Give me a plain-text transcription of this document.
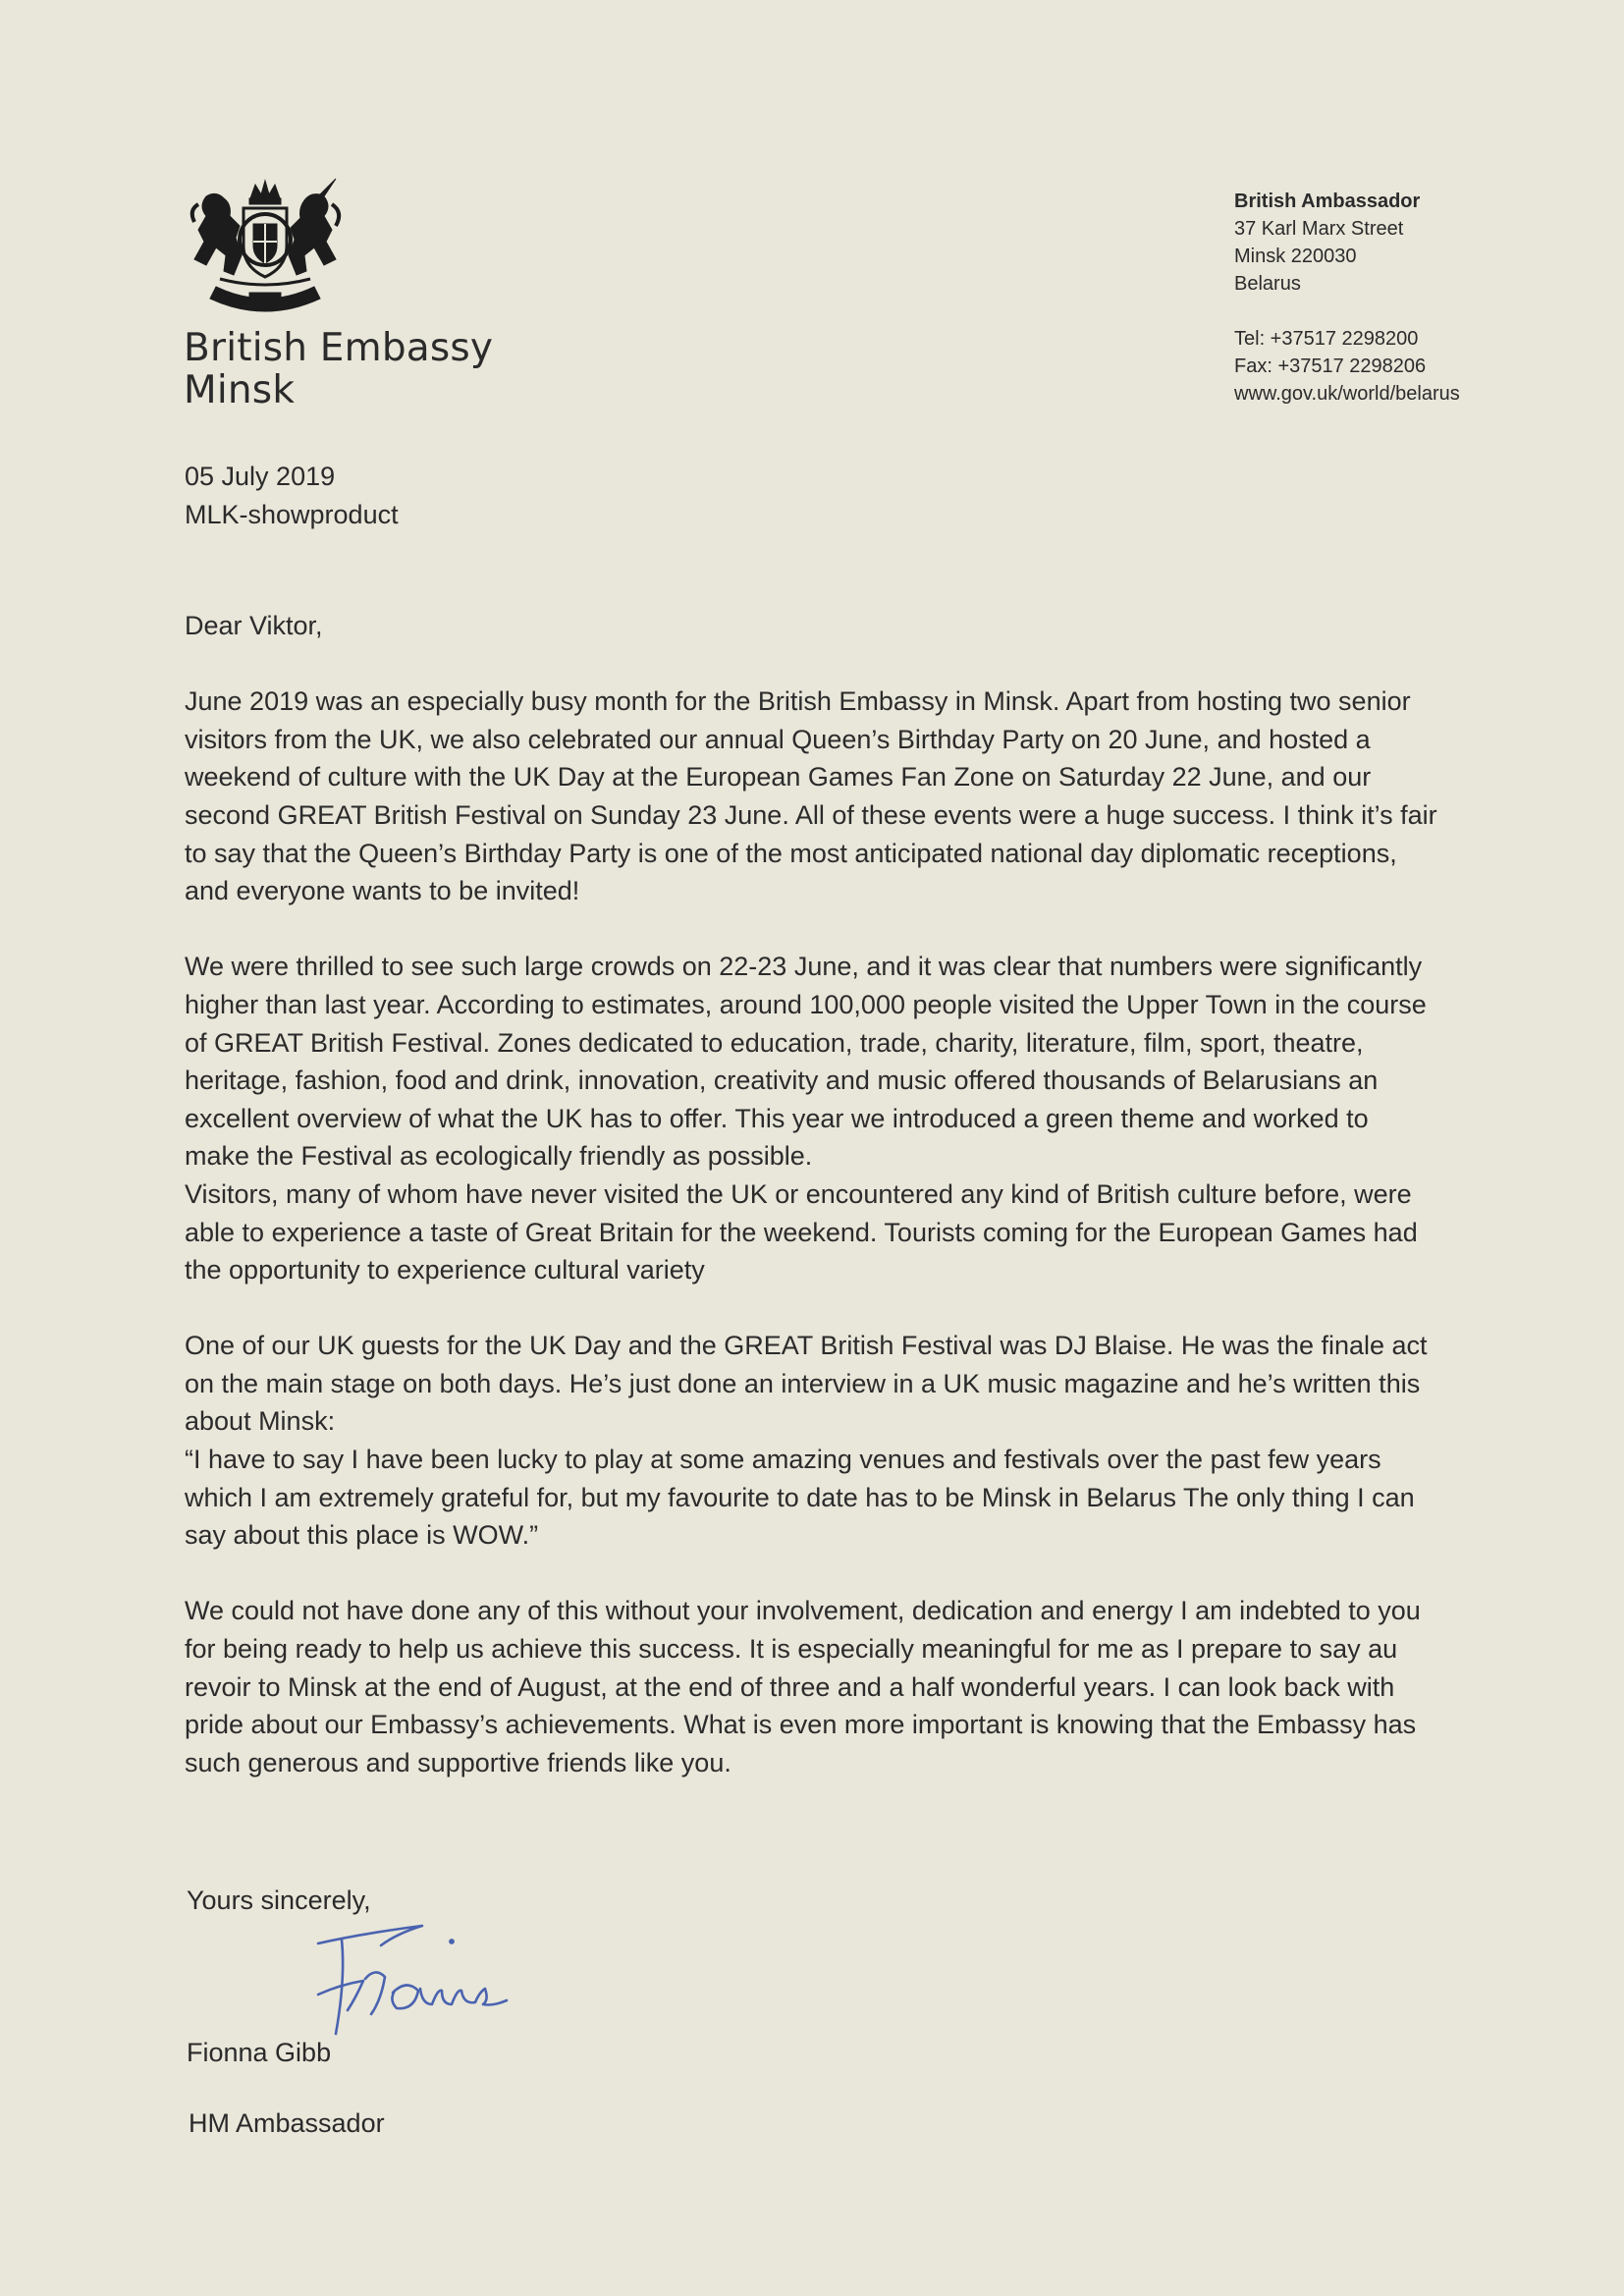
British Embassy
Minsk
British Ambassador
37 Karl Marx Street
Minsk 220030
Belarus
Tel: +37517 2298200
Fax: +37517 2298206
www.gov.uk/world/belarus
05 July 2019
MLK-showproduct

Dear Viktor,

June 2019 was an especially busy month for the British Embassy in Minsk. Apart from hosting two senior
visitors from the UK, we also celebrated our annual Queen’s Birthday Party on 20 June, and hosted a
weekend of culture with the UK Day at the European Games Fan Zone on Saturday 22 June, and our
second GREAT British Festival on Sunday 23 June. All of these events were a huge success. I think it’s fair
to say that the Queen’s Birthday Party is one of the most anticipated national day diplomatic receptions,
and everyone wants to be invited!

We were thrilled to see such large crowds on 22-23 June, and it was clear that numbers were significantly
higher than last year. According to estimates, around 100,000 people visited the Upper Town in the course
of GREAT British Festival. Zones dedicated to education, trade, charity, literature, film, sport, theatre,
heritage, fashion, food and drink, innovation, creativity and music offered thousands of Belarusians an
excellent overview of what the UK has to offer. This year we introduced a green theme and worked to
make the Festival as ecologically friendly as possible.

Visitors, many of whom have never visited the UK or encountered any kind of British culture before, were
able to experience a taste of Great Britain for the weekend. Tourists coming for the European Games had
the opportunity to experience cultural variety

One of our UK guests for the UK Day and the GREAT British Festival was DJ Blaise. He was the finale act
on the main stage on both days. He’s just done an interview in a UK music magazine and he’s written this
about Minsk:

“I have to say I have been lucky to play at some amazing venues and festivals over the past few years
which I am extremely grateful for, but my favourite to date has to be Minsk in Belarus The only thing I can
say about this place is WOW.”

We could not have done any of this without your involvement, dedication and energy I am indebted to you
for being ready to help us achieve this success. It is especially meaningful for me as I prepare to say au
revoir to Minsk at the end of August, at the end of three and a half wonderful years. I can look back with
pride about our Embassy’s achievements. What is even more important is knowing that the Embassy has
such generous and supportive friends like you.

Yours sincerely,
Fionna Gibb
HM Ambassador
